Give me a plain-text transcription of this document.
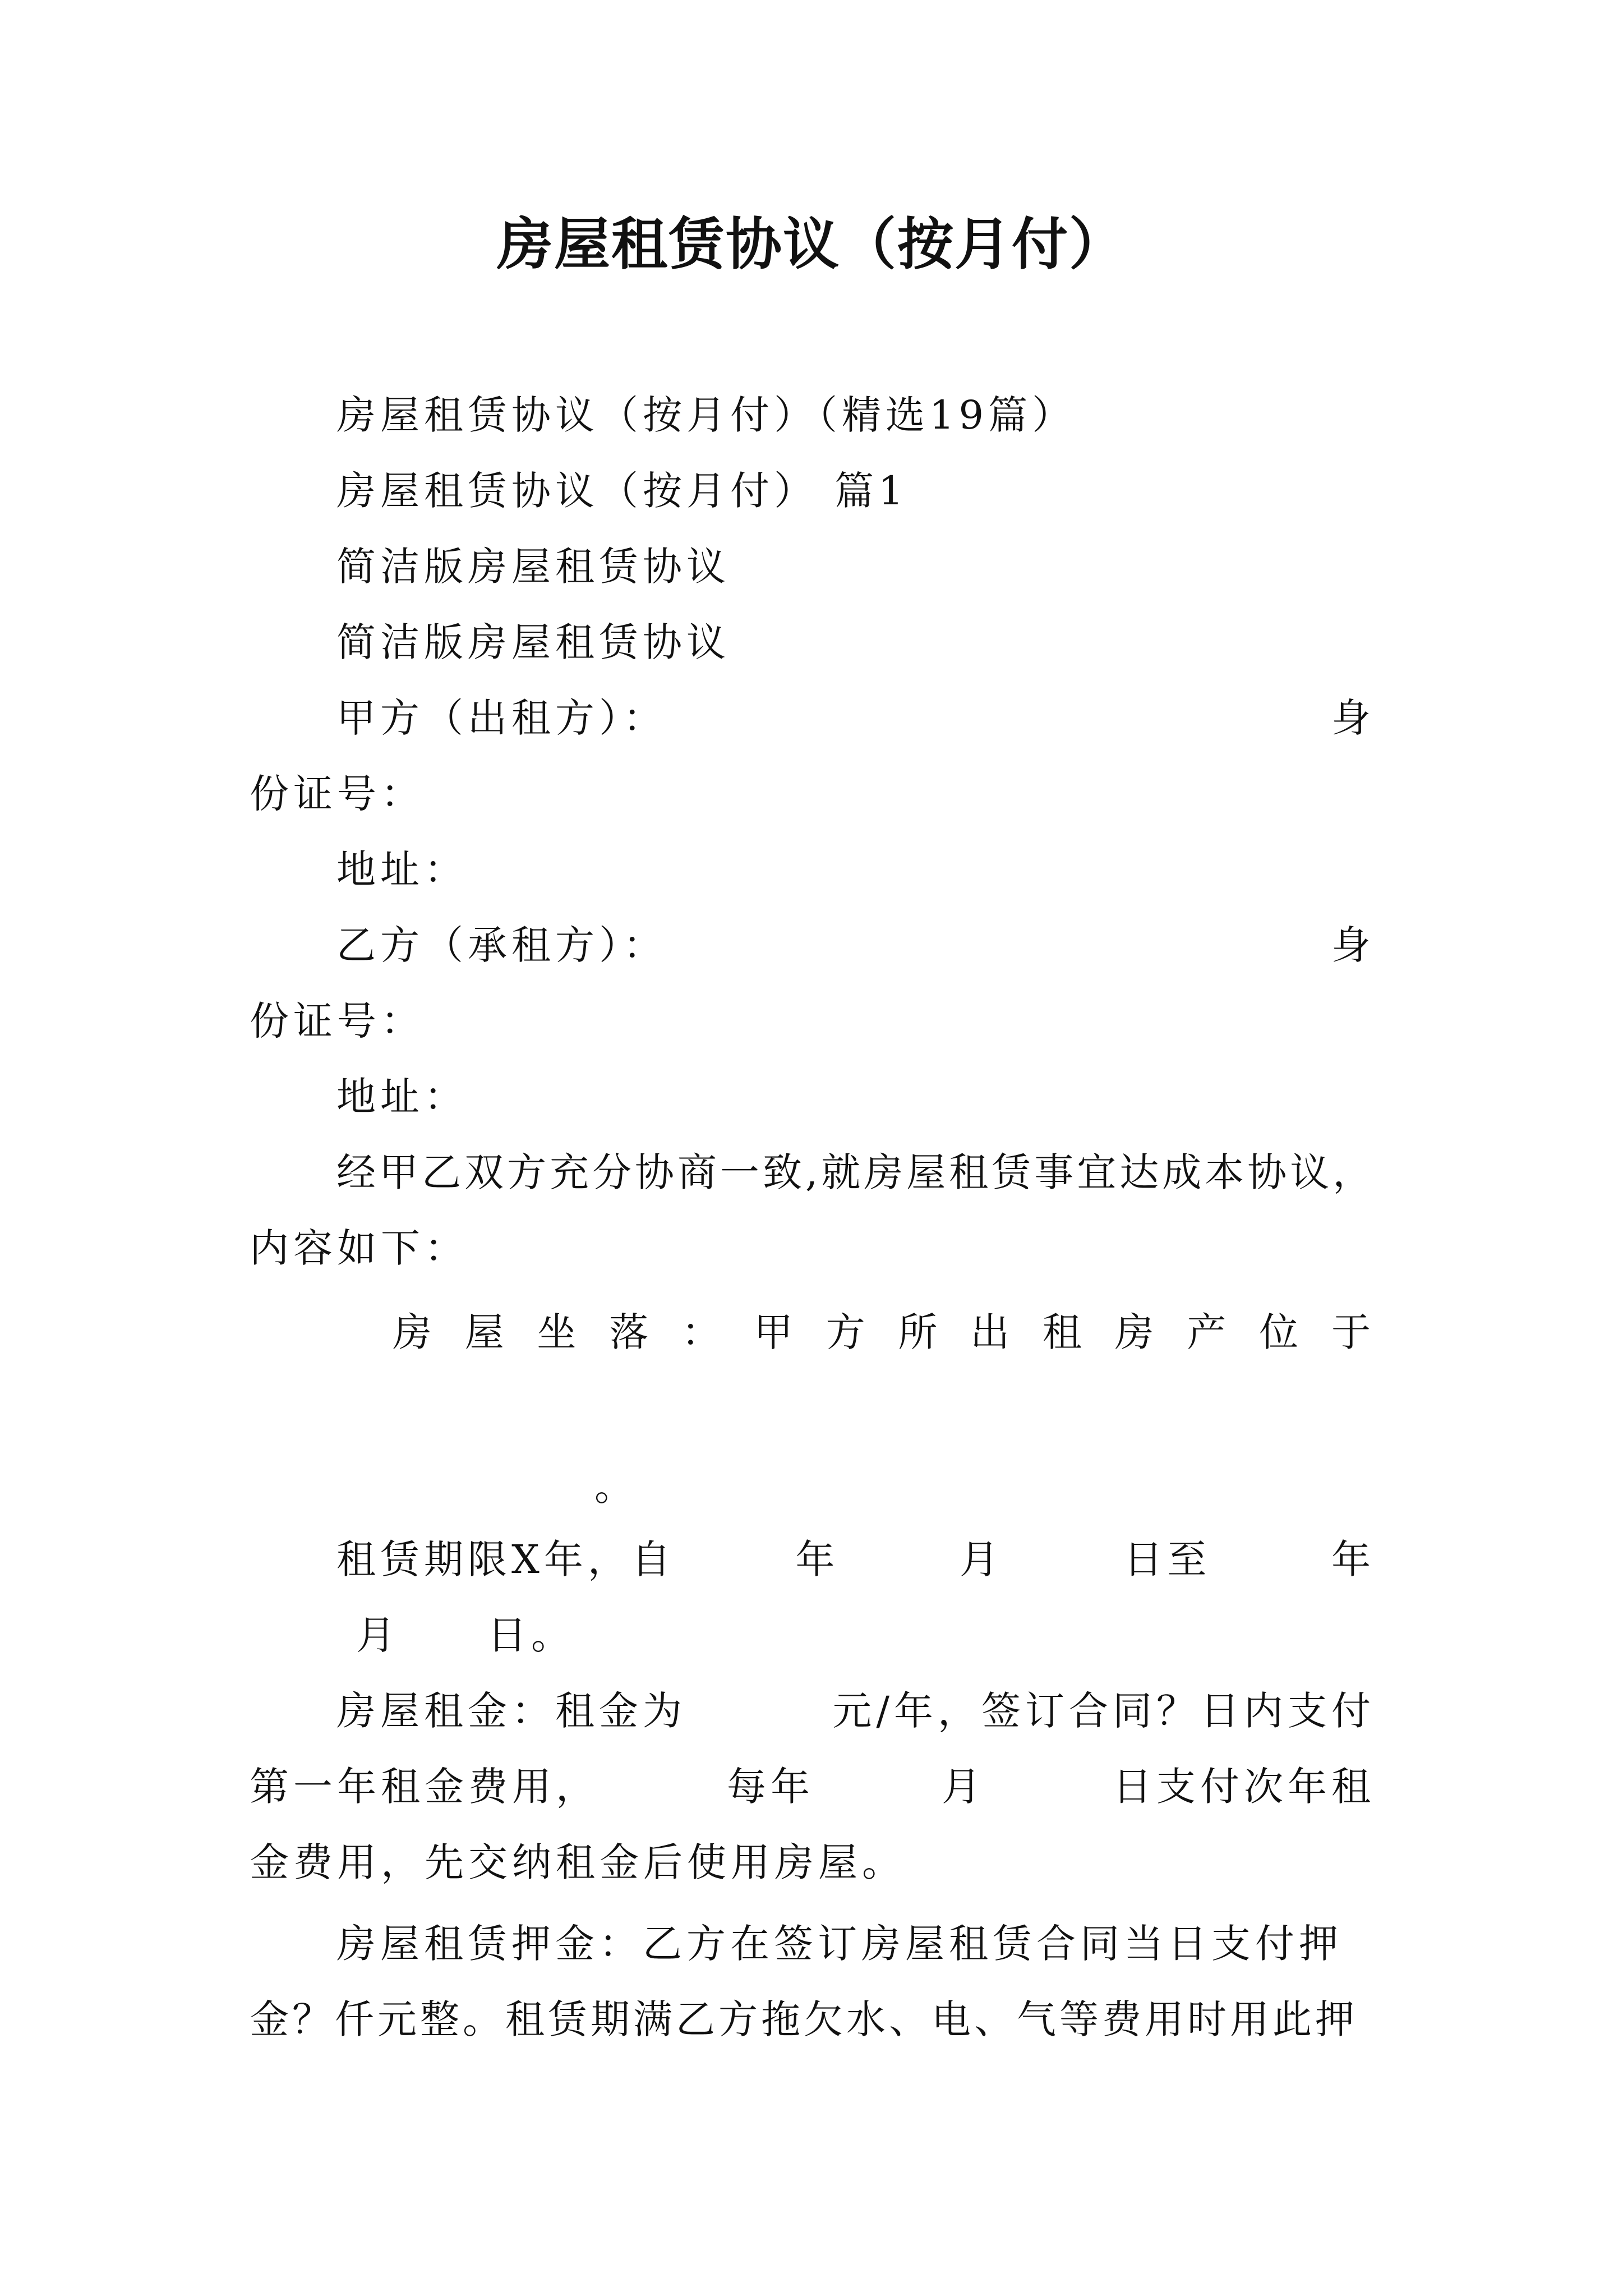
房屋租赁协议（按月付）
房屋租赁协议（按月付）（精选19篇）
房屋租赁协议（按月付） 篇1
简洁版房屋租赁协议
简洁版房屋租赁协议
甲方（出租方）：	身
份证号：
地址：
乙方（承租方）：	身
份证号：
地址：
经甲乙双方充分协商一致,就房屋租赁事宜达成本协议，
内容如下：
房 屋 坐 落 ： 甲 方 所 出 租 房 产 位 于
。
租赁期限X年，自	年	月	日至	年
月　　日。
房屋租金：租金为	元/年，签订合同？日内支付
第一年租金费用，	每年	月	日支付次年租
金费用，先交纳租金后使用房屋。
房屋租赁押金：乙方在签订房屋租赁合同当日支付押
金？仟元整。租赁期满乙方拖欠水、电、气等费用时用此押
